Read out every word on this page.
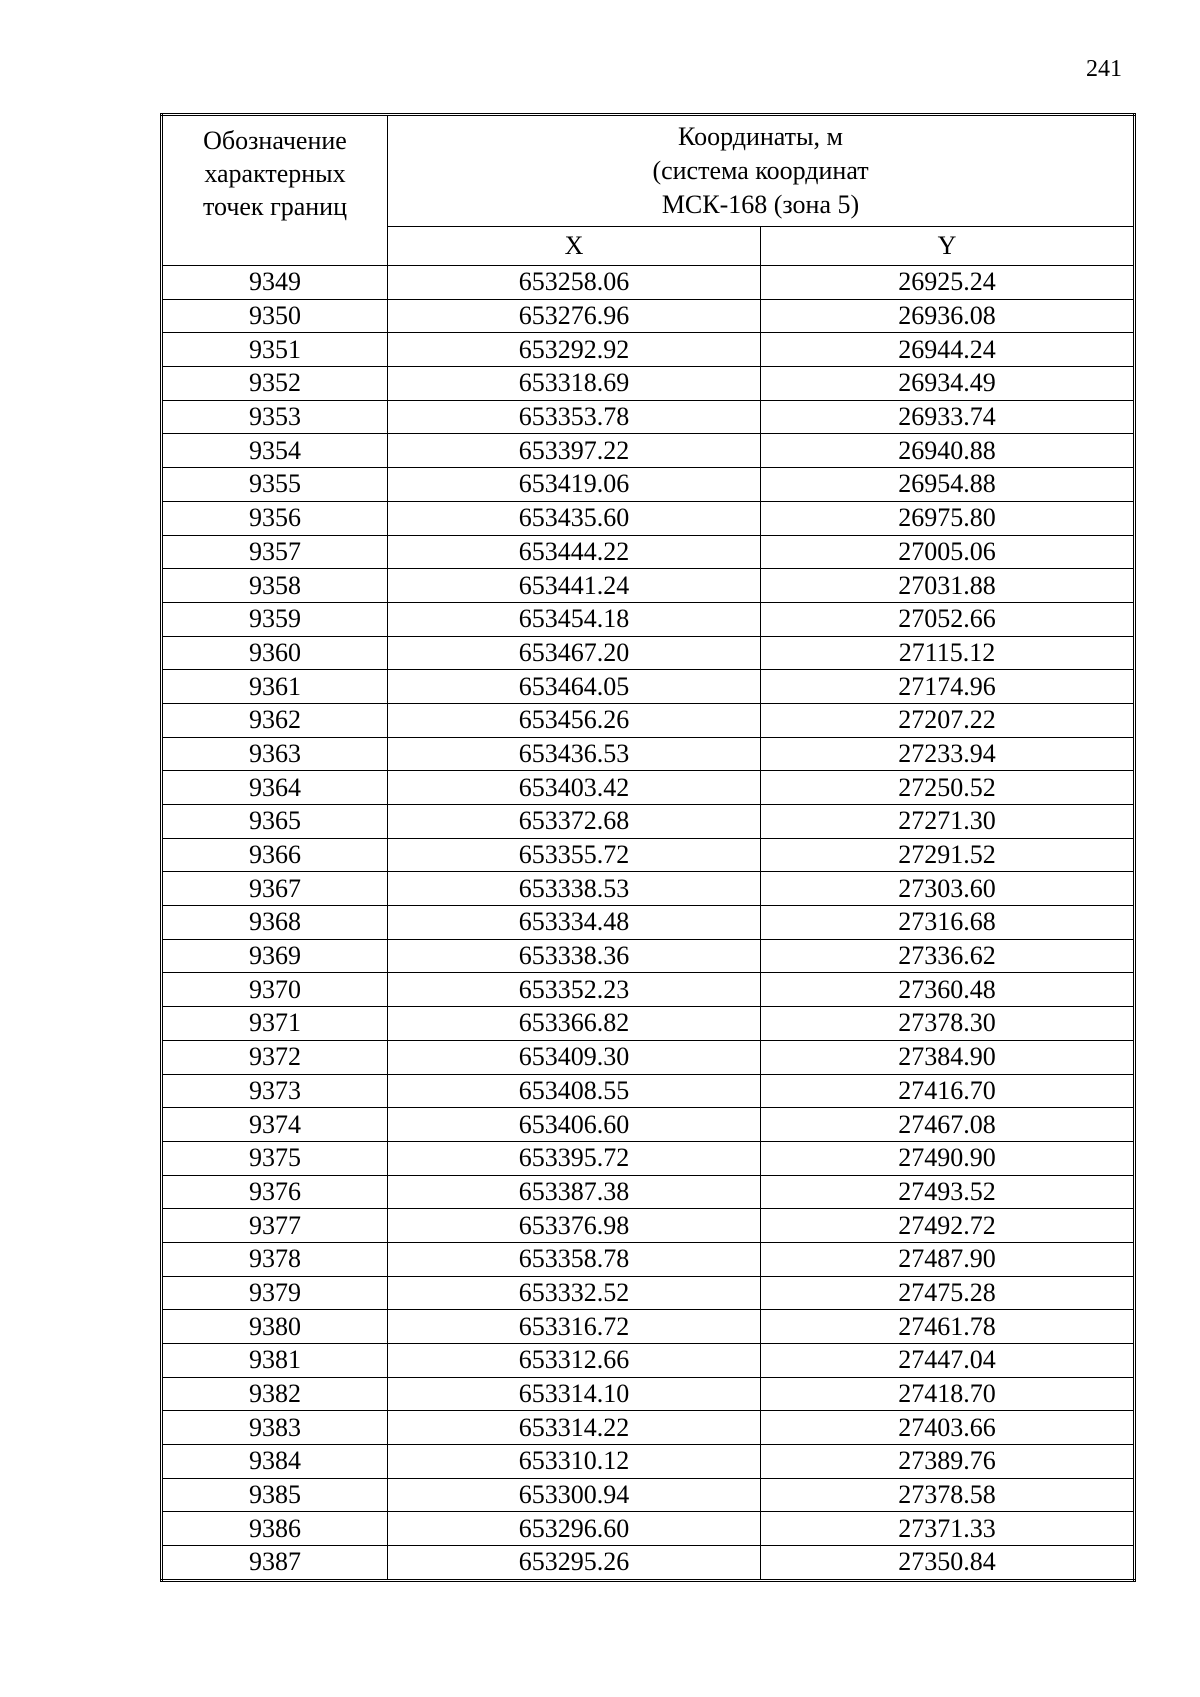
241
Обозначение
характерных
точек границ	Координаты, м
(система координат
МСК-168 (зона 5)	

	X	Y
9349	653258.06	26925.24
9350	653276.96	26936.08
9351	653292.92	26944.24
9352	653318.69	26934.49
9353	653353.78	26933.74
9354	653397.22	26940.88
9355	653419.06	26954.88
9356	653435.60	26975.80
9357	653444.22	27005.06
9358	653441.24	27031.88
9359	653454.18	27052.66
9360	653467.20	27115.12
9361	653464.05	27174.96
9362	653456.26	27207.22
9363	653436.53	27233.94
9364	653403.42	27250.52
9365	653372.68	27271.30
9366	653355.72	27291.52
9367	653338.53	27303.60
9368	653334.48	27316.68
9369	653338.36	27336.62
9370	653352.23	27360.48
9371	653366.82	27378.30
9372	653409.30	27384.90
9373	653408.55	27416.70
9374	653406.60	27467.08
9375	653395.72	27490.90
9376	653387.38	27493.52
9377	653376.98	27492.72
9378	653358.78	27487.90
9379	653332.52	27475.28
9380	653316.72	27461.78
9381	653312.66	27447.04
9382	653314.10	27418.70
9383	653314.22	27403.66
9384	653310.12	27389.76
9385	653300.94	27378.58
9386	653296.60	27371.33
9387	653295.26	27350.84
